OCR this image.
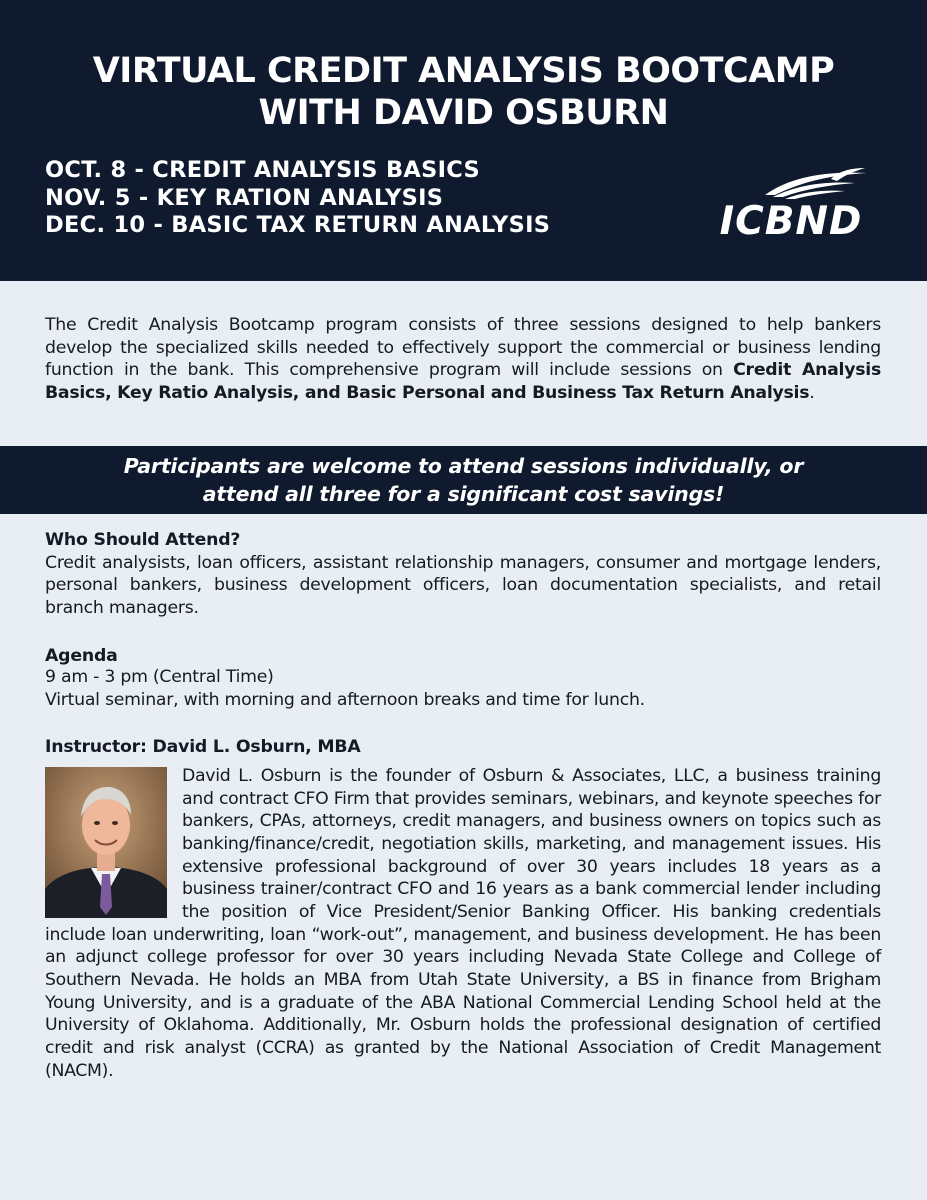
VIRTUAL CREDIT ANALYSIS BOOTCAMP
WITH DAVID OSBURN
OCT. 8 - CREDIT ANALYSIS BASICS
NOV. 5 - KEY RATION ANALYSIS
DEC. 10 - BASIC TAX RETURN ANALYSIS	ICBND

The Credit Analysis Bootcamp program consists of three sessions designed to help bankers develop the specialized skills needed to effectively support the commercial or business lending function in the bank. This comprehensive program will include sessions on Credit Analysis Basics, Key Ratio Analysis, and Basic Personal and Business Tax Return Analysis.

Participants are welcome to attend sessions individually, or
attend all three for a significant cost savings!

Who Should Attend?

Credit analysists, loan officers, assistant relationship managers, consumer and mortgage lenders, personal bankers, business development officers, loan documentation specialists, and retail branch managers.

Agenda

9 am - 3 pm (Central Time)

Virtual seminar, with morning and afternoon breaks and time for lunch.

Instructor: David L. Osburn, MBA

David L. Osburn is the founder of Osburn & Associates, LLC, a business training and contract CFO Firm that provides seminars, webinars, and keynote speeches for bankers, CPAs, attorneys, credit managers, and business owners on topics such as banking/finance/credit, negotiation skills, marketing, and management issues. His extensive professional background of over 30 years includes 18 years as a business trainer/contract CFO and 16 years as a bank commercial lender including the position of Vice President/Senior Banking Officer. His banking credentials include loan underwriting, loan “work-out”, management, and business development. He has been an adjunct college professor for over 30 years including Nevada State College and College of Southern Nevada. He holds an MBA from Utah State University, a BS in finance from Brigham Young University, and is a graduate of the ABA National Commercial Lending School held at the University of Oklahoma. Additionally, Mr. Osburn holds the professional designation of certified credit and risk analyst (CCRA) as granted by the National Association of Credit Management (NACM).
